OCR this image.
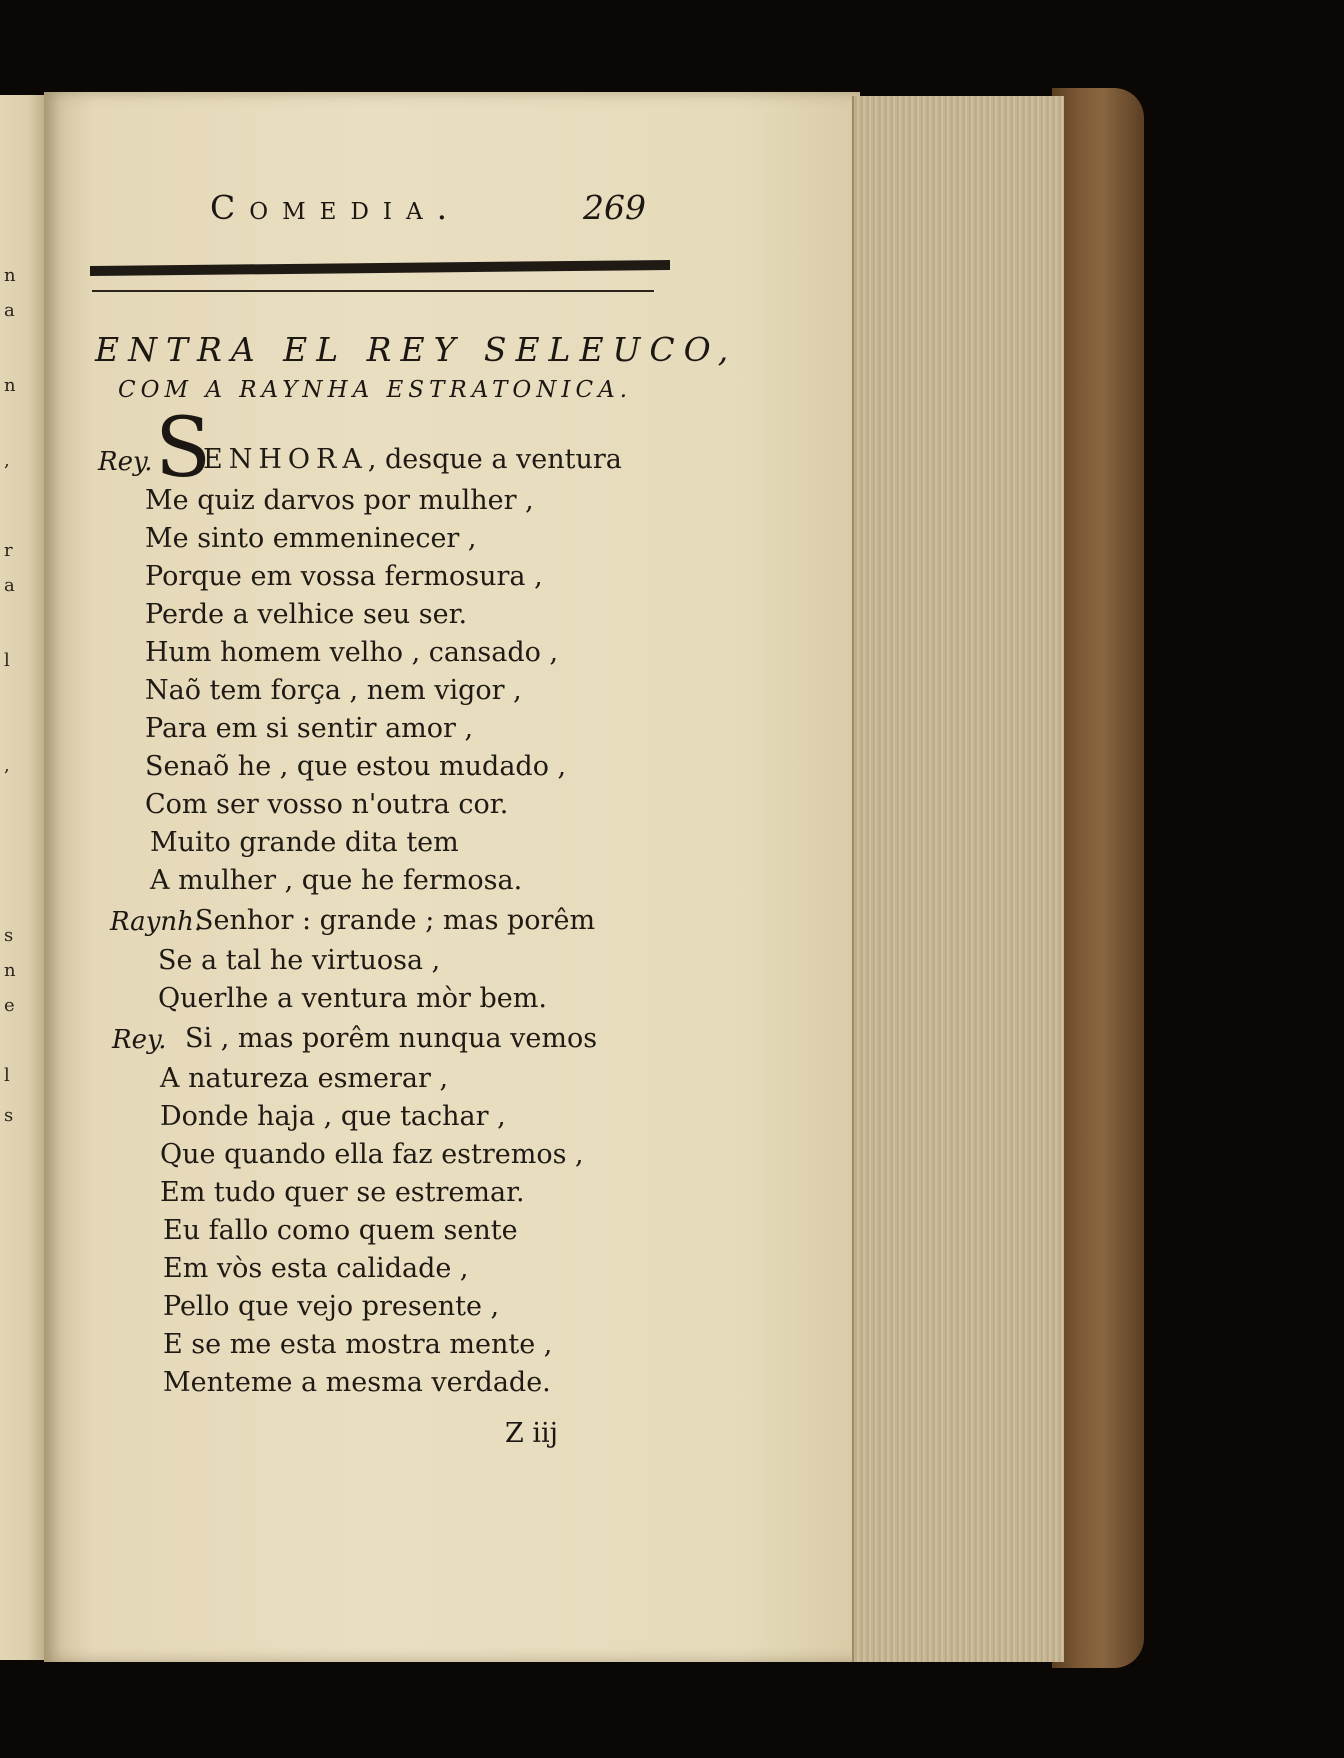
n
a
n
,
r
a
l
,
s
n
e
l
s
Comedia.	269
ENTRA EL REY SELEUCO,
COM A RAYNHA ESTRATONICA.
Rey. S
ENHORA, desque a ventura
Me quiz darvos por mulher ,
Me sinto emmeninecer ,
Porque em vossa fermosura ,
Perde a velhice seu ser.
Hum homem velho , cansado ,
Naõ tem força , nem vigor ,
Para em si sentir amor ,
Senaõ he , que estou mudado ,
Com ser vosso n'outra cor.
Muito grande dita tem
A mulher , que he fermosa.
Raynh.
Senhor : grande ; mas porêm
Se a tal he virtuosa ,
Querlhe a ventura mòr bem.
Rey. Si , mas porêm nunqua vemos
A natureza esmerar ,
Donde haja , que tachar ,
Que quando ella faz estremos ,
Em tudo quer se estremar.
Eu fallo como quem sente
Em vòs esta calidade ,
Pello que vejo presente ,
E se me esta mostra mente ,
Menteme a mesma verdade.
Z iij
